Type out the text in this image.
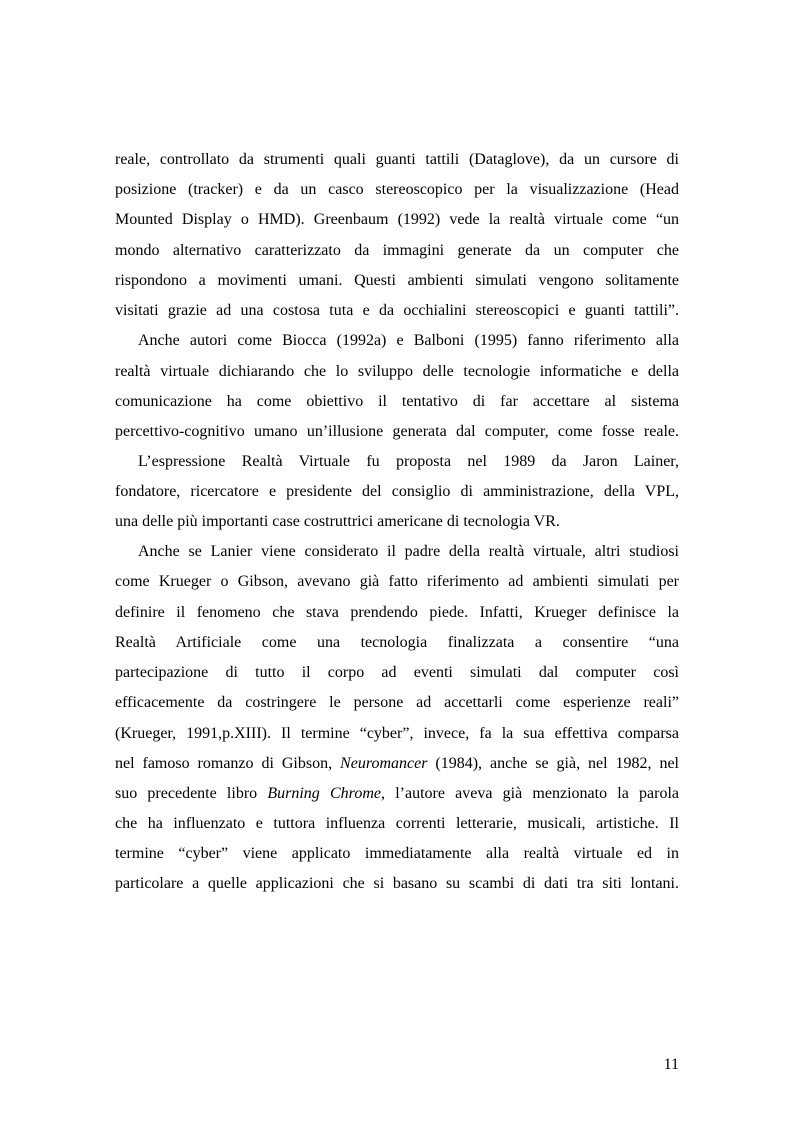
reale, controllato da strumenti quali guanti tattili (Dataglove), da un cursore di

posizione (tracker) e da un casco stereoscopico per la visualizzazione (Head

Mounted Display o HMD). Greenbaum (1992) vede la realtà virtuale come “un

mondo alternativo caratterizzato da immagini generate da un computer che

rispondono a movimenti umani. Questi ambienti simulati vengono solitamente

visitati grazie ad una costosa tuta e da occhialini stereoscopici e guanti tattili”.

Anche autori come Biocca (1992a) e Balboni (1995) fanno riferimento alla

realtà virtuale dichiarando che lo sviluppo delle tecnologie informatiche e della

comunicazione ha come obiettivo il tentativo di far accettare al sistema

percettivo-cognitivo umano un’illusione generata dal computer, come fosse reale.

L’espressione Realtà Virtuale fu proposta nel 1989 da Jaron Lainer,

fondatore, ricercatore e presidente del consiglio di amministrazione, della VPL,

una delle più importanti case costruttrici americane di tecnologia VR.

Anche se Lanier viene considerato il padre della realtà virtuale, altri studiosi

come Krueger o Gibson, avevano già fatto riferimento ad ambienti simulati per

definire il fenomeno che stava prendendo piede. Infatti, Krueger definisce la

Realtà Artificiale come una tecnologia finalizzata a consentire “una

partecipazione di tutto il corpo ad eventi simulati dal computer così

efficacemente da costringere le persone ad accettarli come esperienze reali”

(Krueger, 1991,p.XIII). Il termine “cyber”, invece, fa la sua effettiva comparsa

nel famoso romanzo di Gibson, Neuromancer (1984), anche se già, nel 1982, nel

suo precedente libro Burning Chrome, l’autore aveva già menzionato la parola

che ha influenzato e tuttora influenza correnti letterarie, musicali, artistiche. Il

termine “cyber” viene applicato immediatamente alla realtà virtuale ed in

particolare a quelle applicazioni che si basano su scambi di dati tra siti lontani.

11
